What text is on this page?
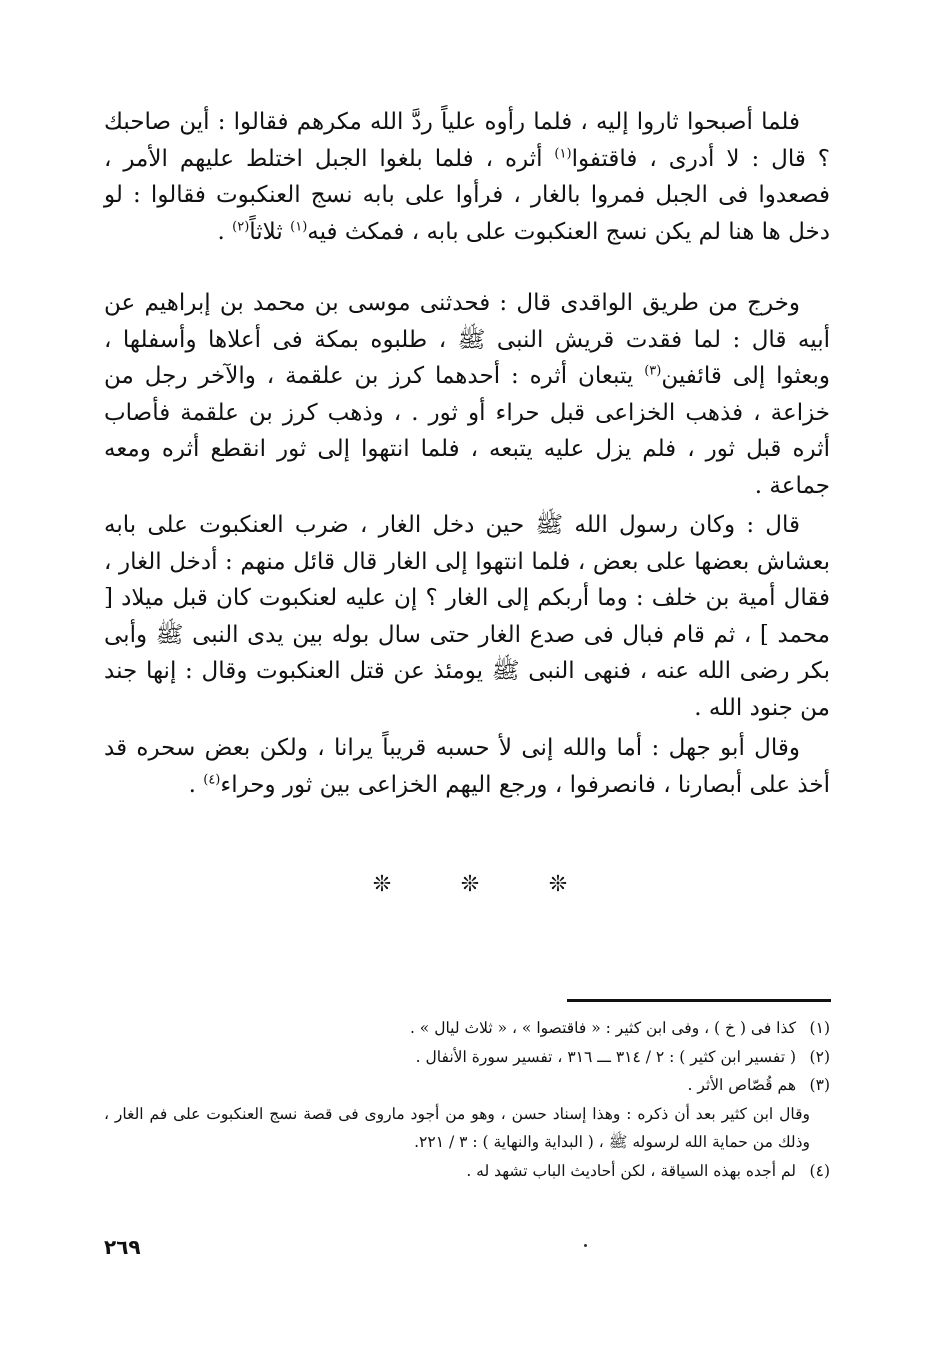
فلما أصبحوا ثاروا إليه ، فلما رأوه علياً ردَّ الله مكرهم فقالوا : أين صاحبك ؟ قال : لا أدرى ، فاقتفوا$^{(١)}$ أثره ، فلما بلغوا الجبل اختلط عليهم الأمر ، فصعدوا فى الجبل فمروا بالغار ، فرأوا على بابه نسج العنكبوت فقالوا : لو دخل ها هنا لم يكن نسج العنكبوت على بابه ، فمكث فيه$^{(١)}$ ثلاثاً$^{(٢)}$ .

وخرج من طريق الواقدى قال : فحدثنى موسى بن محمد بن إبراهيم عن أبيه قال : لما فقدت قريش النبى ﷺ ، طلبوه بمكة فى أعلاها وأسفلها ، وبعثوا إلى قائفين$^{(٣)}$ يتبعان أثره : أحدهما كرز بن علقمة ، والآخر رجل من خزاعة ، فذهب الخزاعى قبل حراء أو ثور . ، وذهب كرز بن علقمة فأصاب أثره قبل ثور ، فلم يزل عليه يتبعه ، فلما انتهوا إلى ثور انقطع أثره ومعه جماعة .

قال : وكان رسول الله ﷺ حين دخل الغار ، ضرب العنكبوت على بابه بعشاش بعضها على بعض ، فلما انتهوا إلى الغار قال قائل منهم : أدخل الغار ، فقال أمية بن خلف : وما أربكم إلى الغار ؟ إن عليه لعنكبوت كان قبل ميلاد [ محمد ] ، ثم قام فبال فى صدع الغار حتى سال بوله بين يدى النبى ﷺ وأبى بكر رضى الله عنه ، فنهى النبى ﷺ يومئذ عن قتل العنكبوت وقال : إنها جند من جنود الله .

وقال أبو جهل : أما والله إنى لأ حسبه قريباً يرانا ، ولكن بعض سحره قد أخذ على أبصارنا ، فانصرفوا ، ورجع اليهم الخزاعى بين ثور وحراء$^{(٤)}$ .

❊	❊	❊
(١)
كذا فى ( خ ) ، وفى ابن كثير : « فاقتصوا » ، « ثلاث ليال » .
(٢)
( تفسير ابن كثير ) : ٢ / ٣١٤ ـــ ٣١٦ ، تفسير سورة الأنفال .
(٣)
هم قُصّاص الأثر .
وقال ابن كثير بعد أن ذكره : وهذا إسناد حسن ، وهو من أجود ماروى فى قصة نسج العنكبوت على فم الغار ، وذلك من حماية الله لرسوله ﷺ ، ( البداية والنهاية ) : ٣ / ٢٢١.
(٤)
لم أجده بهذه السياقة ، لكن أحاديث الباب تشهد له .
٢٦٩
